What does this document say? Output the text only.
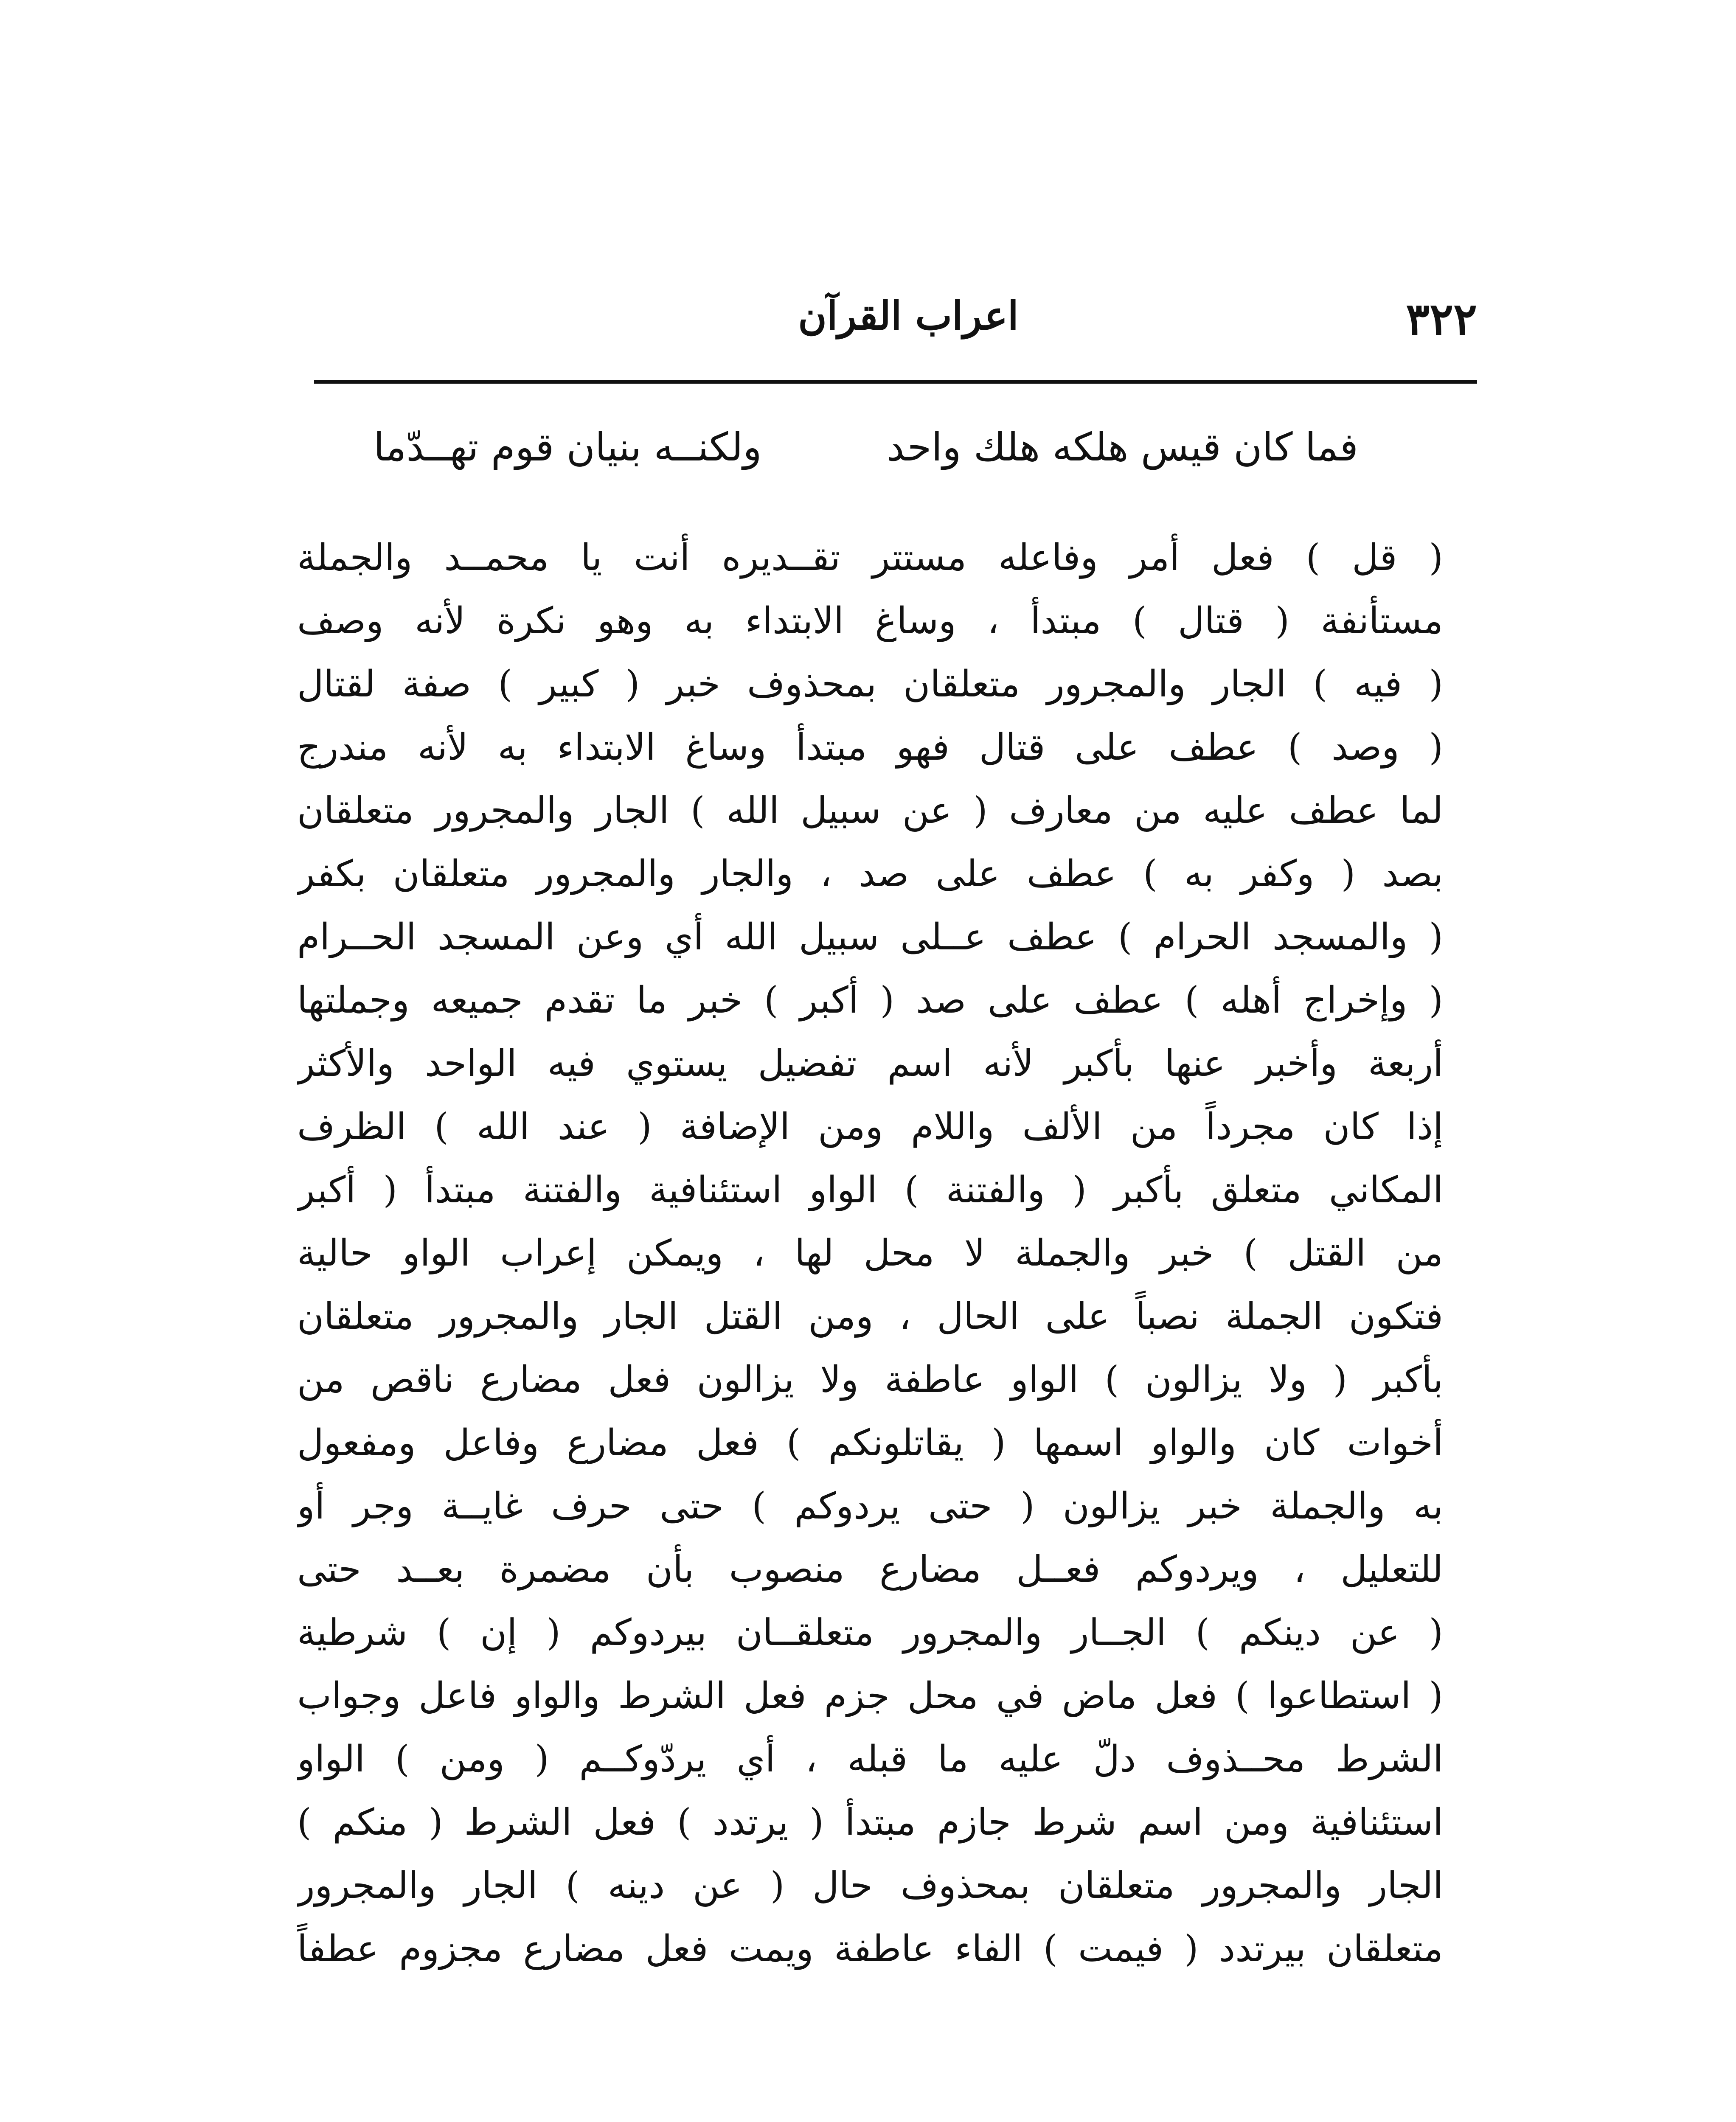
٣٢٢
اعراب القرآن
فما كان قيس هلكه هلك واحد
ولكنــه بنيان قوم تهــدّما
( قل ) فعل أمر وفاعله مستتر تقــديره أنت يا محمــد والجملة
مستأنفة ( قتال ) مبتدأ ، وساغ الابتداء به وهو نكرة لأنه وصف
( فيه ) الجار والمجرور متعلقان بمحذوف خبر ( كبير ) صفة لقتال
( وصد ) عطف على قتال فهو مبتدأ وساغ الابتداء به لأنه مندرج
لما عطف عليه من معارف ( عن سبيل الله ) الجار والمجرور متعلقان
بصد ( وكفر به ) عطف على صد ، والجار والمجرور متعلقان بكفر
( والمسجد الحرام ) عطف عــلى سبيل الله أي وعن المسجد الحــرام
( وإخراج أهله ) عطف على صد ( أكبر ) خبر ما تقدم جميعه وجملتها
أربعة وأخبر عنها بأكبر لأنه اسم تفضيل يستوي فيه الواحد والأكثر
إذا كان مجرداً من الألف واللام ومن الإضافة ( عند الله ) الظرف
المكاني متعلق بأكبر ( والفتنة ) الواو استئنافية والفتنة مبتدأ ( أكبر
من القتل ) خبر والجملة لا محل لها ، ويمكن إعراب الواو حالية
فتكون الجملة نصباً على الحال ، ومن القتل الجار والمجرور متعلقان
بأكبر ( ولا يزالون ) الواو عاطفة ولا يزالون فعل مضارع ناقص من
أخوات كان والواو اسمها ( يقاتلونكم ) فعل مضارع وفاعل ومفعول
به والجملة خبر يزالون ( حتى يردوكم ) حتى حرف غايــة وجر أو
للتعليل ، ويردوكم فعــل مضارع منصوب بأن مضمرة بعــد حتى
( عن دينكم ) الجــار والمجرور متعلقــان بيردوكم ( إن ) شرطية
( استطاعوا ) فعل ماض في محل جزم فعل الشرط والواو فاعل وجواب
الشرط محــذوف دلّ عليه ما قبله ، أي يردّوكــم ( ومن ) الواو
استئنافية ومن اسم شرط جازم مبتدأ ( يرتدد ) فعل الشرط ( منكم )
الجار والمجرور متعلقان بمحذوف حال ( عن دينه ) الجار والمجرور
متعلقان بيرتدد ( فيمت ) الفاء عاطفة ويمت فعل مضارع مجزوم عطفاً
